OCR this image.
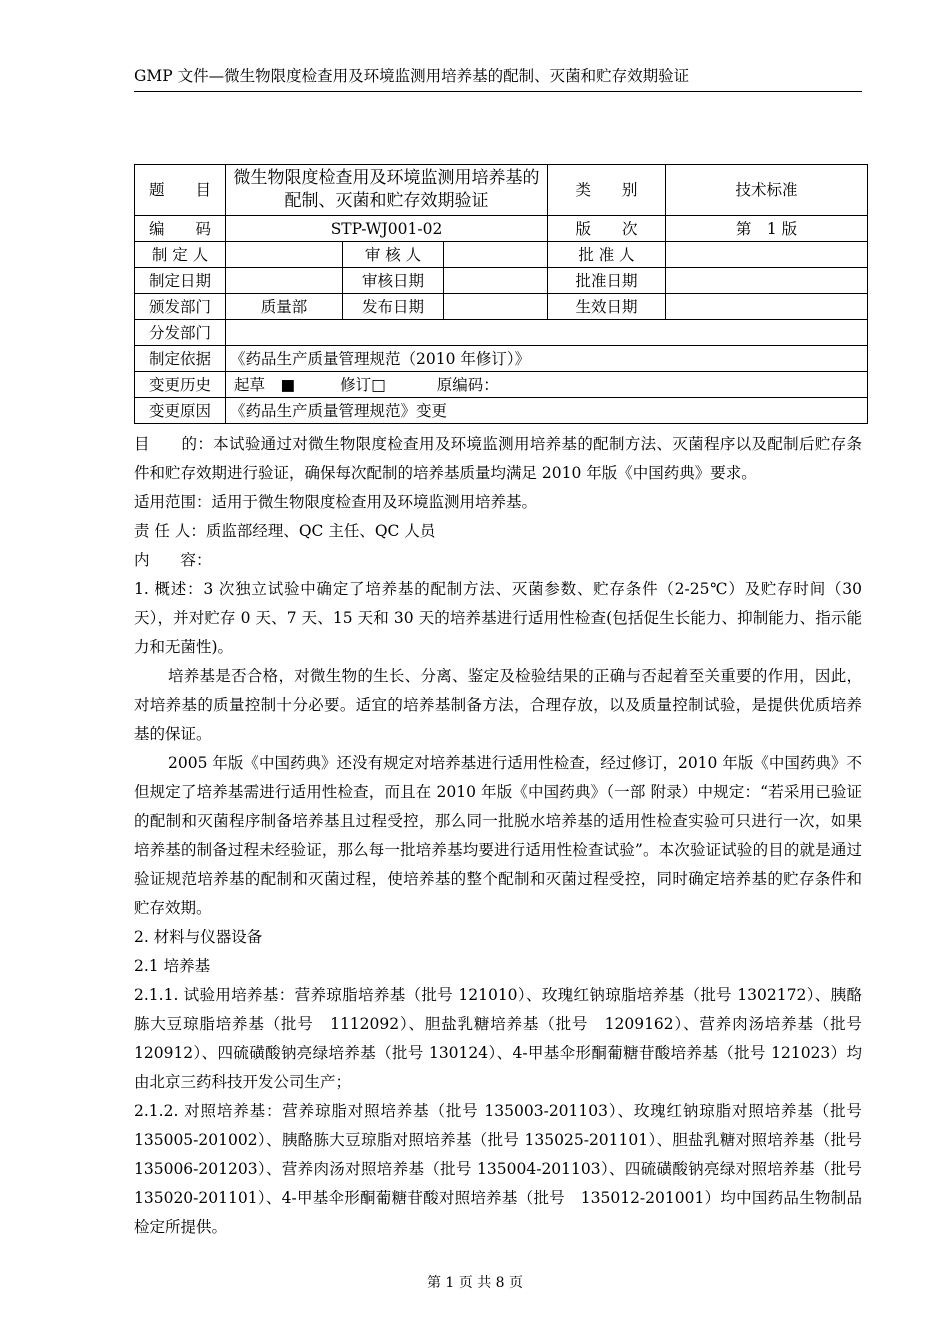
GMP 文件—微生物限度检查用及环境监测用培养基的配制、灭菌和贮存效期验证
题　　目	微生物限度检查用及环境监测用培养基的配制、灭菌和贮存效期验证			类　　别	技术标准
编　　码	STP-WJ001-02			版　　次	第　1 版
制 定 人		审 核 人		批 准 人	
制定日期		审核日期		批准日期	
颁发部门	质量部	发布日期		生效日期	
分发部门					
制定依据	《药品生产质量管理规范（2010 年修订）》				
变更历史	起草　■ 修订□ 原编码：				
变更原因	《药品生产质量管理规范》变更				

目　　的：本试验通过对微生物限度检查用及环境监测用培养基的配制方法、灭菌程序以及配制后贮存条件和贮存效期进行验证，确保每次配制的培养基质量均满足 2010 年版《中国药典》要求。

适用范围：适用于微生物限度检查用及环境监测用培养基。

责 任 人：质监部经理、QC 主任、QC 人员

内　　容：

1. 概述：3 次独立试验中确定了培养基的配制方法、灭菌参数、贮存条件（2-25℃）及贮存时间（30 天），并对贮存 0 天、7 天、15 天和 30 天的培养基进行适用性检查(包括促生长能力、抑制能力、指示能力和无菌性)。

培养基是否合格，对微生物的生长、分离、鉴定及检验结果的正确与否起着至关重要的作用，因此，对培养基的质量控制十分必要。适宜的培养基制备方法，合理存放，以及质量控制试验，是提供优质培养基的保证。

2005 年版《中国药典》还没有规定对培养基进行适用性检查，经过修订，2010 年版《中国药典》不但规定了培养基需进行适用性检查，而且在 2010 年版《中国药典》（一部 附录）中规定：“若采用已验证的配制和灭菌程序制备培养基且过程受控，那么同一批脱水培养基的适用性检查实验可只进行一次，如果培养基的制备过程未经验证，那么每一批培养基均要进行适用性检查试验”。本次验证试验的目的就是通过验证规范培养基的配制和灭菌过程，使培养基的整个配制和灭菌过程受控，同时确定培养基的贮存条件和贮存效期。

2. 材料与仪器设备

2.1 培养基

2.1.1. 试验用培养基：营养琼脂培养基（批号 121010）、玫瑰红钠琼脂培养基（批号 1302172）、胰酪胨大豆琼脂培养基（批号　1112092）、胆盐乳糖培养基（批号　1209162）、营养肉汤培养基（批号 120912）、四硫磺酸钠亮绿培养基（批号 130124）、4-甲基伞形酮葡糖苷酸培养基（批号 121023）均由北京三药科技开发公司生产；

2.1.2. 对照培养基：营养琼脂对照培养基（批号 135003-201103）、玫瑰红钠琼脂对照培养基（批号 135005-201002）、胰酪胨大豆琼脂对照培养基（批号 135025-201101）、胆盐乳糖对照培养基（批号 135006-201203）、营养肉汤对照培养基（批号 135004-201103）、四硫磺酸钠亮绿对照培养基（批号 135020-201101）、4-甲基伞形酮葡糖苷酸对照培养基（批号　135012-201001）均中国药品生物制品检定所提供。

第 1 页 共 8 页
